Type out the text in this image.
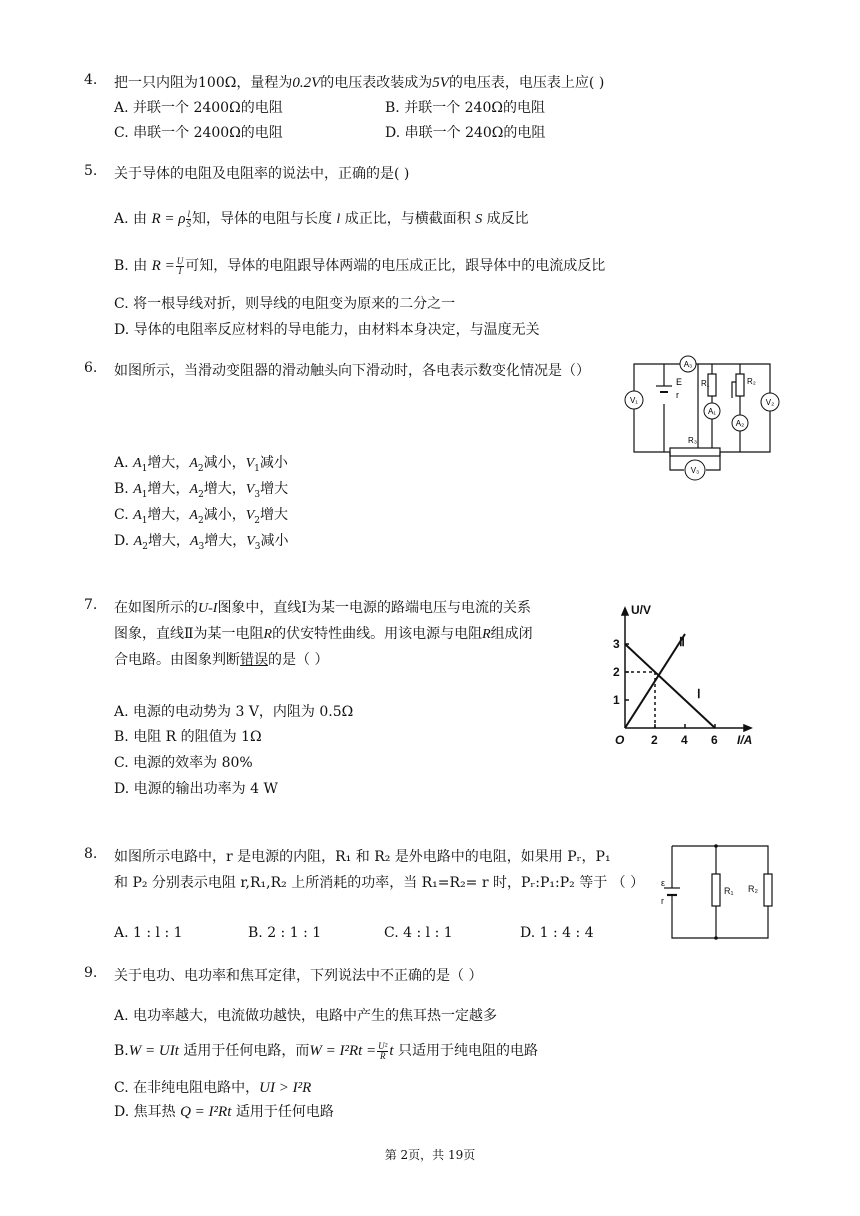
4. 把一只内阻为100Ω，量程为0.2V的电压表改装成为5V的电压表，电压表上应( )
A. 并联一个 2400Ω的电阻	B. 并联一个 240Ω的电阻
C. 串联一个 2400Ω的电阻	D. 串联一个 240Ω的电阻
5. 关于导体的电阻及电阻率的说法中，正确的是( )
A. 由 R = ρ $\frac{l}{S}$ 知，导体的电阻与长度 l 成正比，与横截面积 S 成反比
B. 由 $R = \frac{U}{I}$ 可知，导体的电阻跟导体两端的电压成正比，跟导体中的电流成反比
C. 将一根导线对折，则导线的电阻变为原来的二分之一
D. 导体的电阻率反应材料的导电能力，由材料本身决定，与温度无关
6. 如图所示，当滑动变阻器的滑动触头向下滑动时，各电表示数变化情况是（）
A. $A_1$增大，$A_2$减小，$V_1$减小
B. $A_1$增大，$A_2$增大，$V_3$增大
C. $A_1$增大，$A_2$减小，$V_2$增大
D. $A_2$增大，$A_3$增大，$V_3$减小
A₃
V₁	V₂
A₁
A₂
V₃
E
r
R₁	R₂
R₃
7. 在如图所示的U-I图象中，直线Ⅰ为某一电源的路端电压与电流的关系
图象，直线Ⅱ为某一电阻R的伏安特性曲线。用该电源与电阻R组成闭
合电路。由图象判断错误的是（ ）
A. 电源的电动势为 3 V，内阻为 0.5Ω
B. 电阻 R 的阻值为 1Ω
C. 电源的效率为 80%
D. 电源的输出功率为 4 W
U/V
I/A
O
1
2
3
2 4 6
Ⅰ
Ⅱ
8. 如图所示电路中，r 是电源的内阻，R₁ 和 R₂ 是外电路中的电阻，如果用 Pᵣ，P₁
和 P₂ 分别表示电阻 r,R₁,R₂ 上所消耗的功率，当 R₁=R₂= r 时，Pᵣ:P₁:P₂ 等于 （ ）
A. 1 : l : 1	B. 2 : 1 : 1	C. 4 : l : 1	D. 1 : 4 : 4
ε
r
R₁ R₂
9. 关于电功、电功率和焦耳定律，下列说法中不正确的是（ ）
A. 电功率越大，电流做功越快，电路中产生的焦耳热一定越多
B.W = UIt 适用于任何电路，而$W = I^2Rt = \frac{\text{U²}}{R}$ t 只适用于纯电阻的电路
C. 在非纯电阻电路中，UI > I²R
D. 焦耳热 Q = I²Rt 适用于任何电路
第 2页，共 19页
